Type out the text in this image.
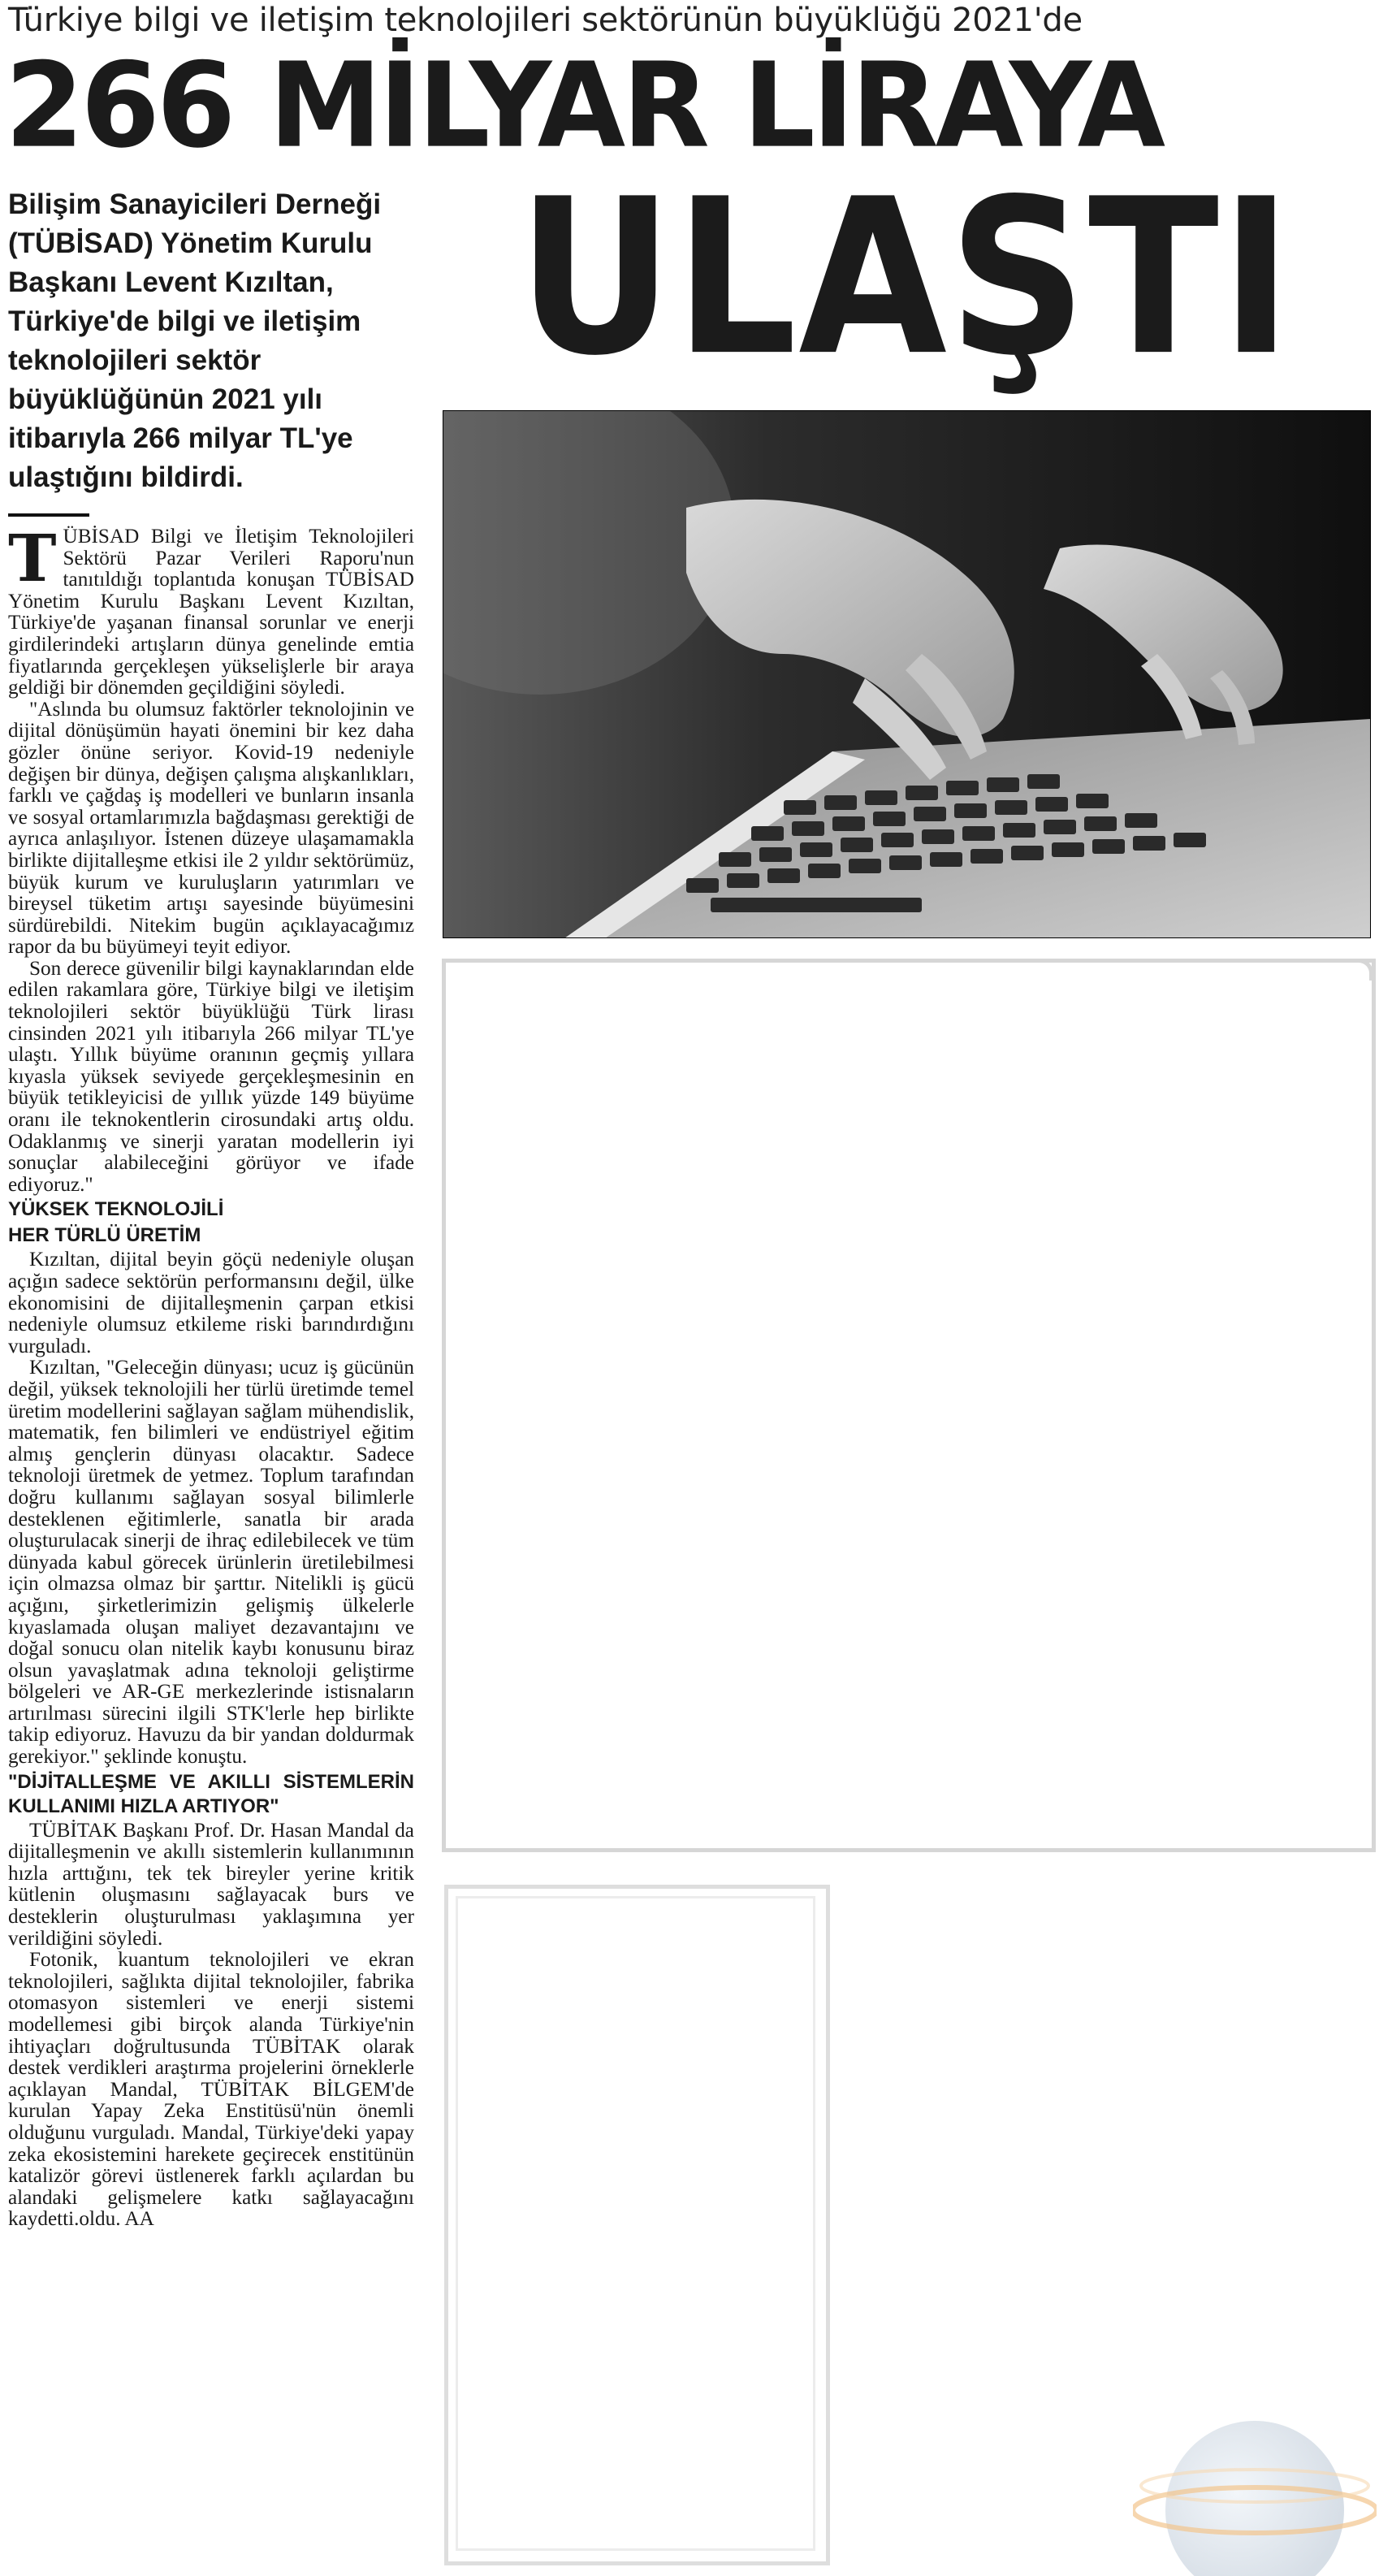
Türkiye bilgi ve iletişim teknolojileri sektörünün büyüklüğü 2021'de
266 MİLYAR LİRAYA
ULAŞTI
Bilişim Sanayicileri Derneği (TÜBİSAD) Yönetim Kurulu Başkanı Levent Kızıltan, Türkiye'de bilgi ve iletişim teknolojileri sektör büyüklüğünün 2021 yılı itibarıyla 266 milyar TL'ye ulaştığını bildirdi.

TÜBİSAD Bilgi ve İletişim Teknolojileri Sektörü Pazar Verileri Raporu'nun tanıtıldığı toplantıda konuşan TÜBİSAD Yönetim Kurulu Başkanı Levent Kızıltan, Türkiye'de yaşanan finansal sorunlar ve enerji girdilerindeki artışların dünya genelinde emtia fiyatlarında gerçekleşen yükselişlerle bir araya geldiği bir dönemden geçildiğini söyledi.

"Aslında bu olumsuz faktörler teknolojinin ve dijital dönüşümün hayati önemini bir kez daha gözler önüne seriyor. Kovid-19 nedeniyle değişen bir dünya, değişen çalışma alışkanlıkları, farklı ve çağdaş iş modelleri ve bunların insanla ve sosyal ortamlarımızla bağdaşması gerektiği de ayrıca anlaşılıyor. İstenen düzeye ulaşamamakla birlikte dijitalleşme etkisi ile 2 yıldır sektörümüz, büyük kurum ve kuruluşların yatırımları ve bireysel tüketim artışı sayesinde büyümesini sürdürebildi. Nitekim bugün açıklayacağımız rapor da bu büyümeyi teyit ediyor.

Son derece güvenilir bilgi kaynaklarından elde edilen rakamlara göre, Türkiye bilgi ve iletişim teknolojileri sektör büyüklüğü Türk lirası cinsinden 2021 yılı itibarıyla 266 milyar TL'ye ulaştı. Yıllık büyüme oranının geçmiş yıllara kıyasla yüksek seviyede gerçekleşmesinin en büyük tetikleyicisi de yıllık yüzde 149 büyüme oranı ile teknokentlerin cirosundaki artış oldu. Odaklanmış ve sinerji yaratan modellerin iyi sonuçlar alabileceğini görüyor ve ifade ediyoruz."

YÜKSEK TEKNOLOJİLİ

HER TÜRLÜ ÜRETİM

Kızıltan, dijital beyin göçü nedeniyle oluşan açığın sadece sektörün performansını değil, ülke ekonomisini de dijitalleşmenin çarpan etkisi nedeniyle olumsuz etkileme riski barındırdığını vurguladı.

Kızıltan, "Geleceğin dünyası; ucuz iş gücünün değil, yüksek teknolojili her türlü üretimde temel üretim modellerini sağlayan sağlam mühendislik, matematik, fen bilimleri ve endüstriyel eğitim almış gençlerin dünyası olacaktır. Sadece teknoloji üretmek de yetmez. Toplum tarafından doğru kullanımı sağlayan sosyal bilimlerle desteklenen eğitimlerle, sanatla bir arada oluşturulacak sinerji de ihraç edilebilecek ve tüm dünyada kabul görecek ürünlerin üretilebilmesi için olmazsa olmaz bir şarttır. Nitelikli iş gücü açığını, şirketlerimizin gelişmiş ülkelerle kıyaslamada oluşan maliyet dezavantajını ve doğal sonucu olan nitelik kaybı konusunu biraz olsun yavaşlatmak adına teknoloji geliştirme bölgeleri ve AR-GE merkezlerinde istisnaların artırılması sürecini ilgili STK'lerle hep birlikte takip ediyoruz. Havuzu da bir yandan doldurmak gerekiyor." şeklinde konuştu.

"DİJİTALLEŞME VE AKILLI SİSTEMLERİN KULLANIMI HIZLA ARTIYOR"

TÜBİTAK Başkanı Prof. Dr. Hasan Mandal da dijitalleşmenin ve akıllı sistemlerin kullanımının hızla arttığını, tek tek bireyler yerine kritik kütlenin oluşmasını sağlayacak burs ve desteklerin oluşturulması yaklaşımına yer verildiğini söyledi.

Fotonik, kuantum teknolojileri ve ekran teknolojileri, sağlıkta dijital teknolojiler, fabrika otomasyon sistemleri ve enerji sistemi modellemesi gibi birçok alanda Türkiye'nin ihtiyaçları doğrultusunda TÜBİTAK olarak destek verdikleri araştırma projelerini örneklerle açıklayan Mandal, TÜBİTAK BİLGEM'de kurulan Yapay Zeka Enstitüsü'nün önemli olduğunu vurguladı. Mandal, Türkiye'deki yapay zeka ekosistemini harekete geçirecek enstitünün katalizör görevi üstlenerek farklı açılardan bu alandaki gelişmelere katkı sağlayacağını kaydetti.oldu. AA
